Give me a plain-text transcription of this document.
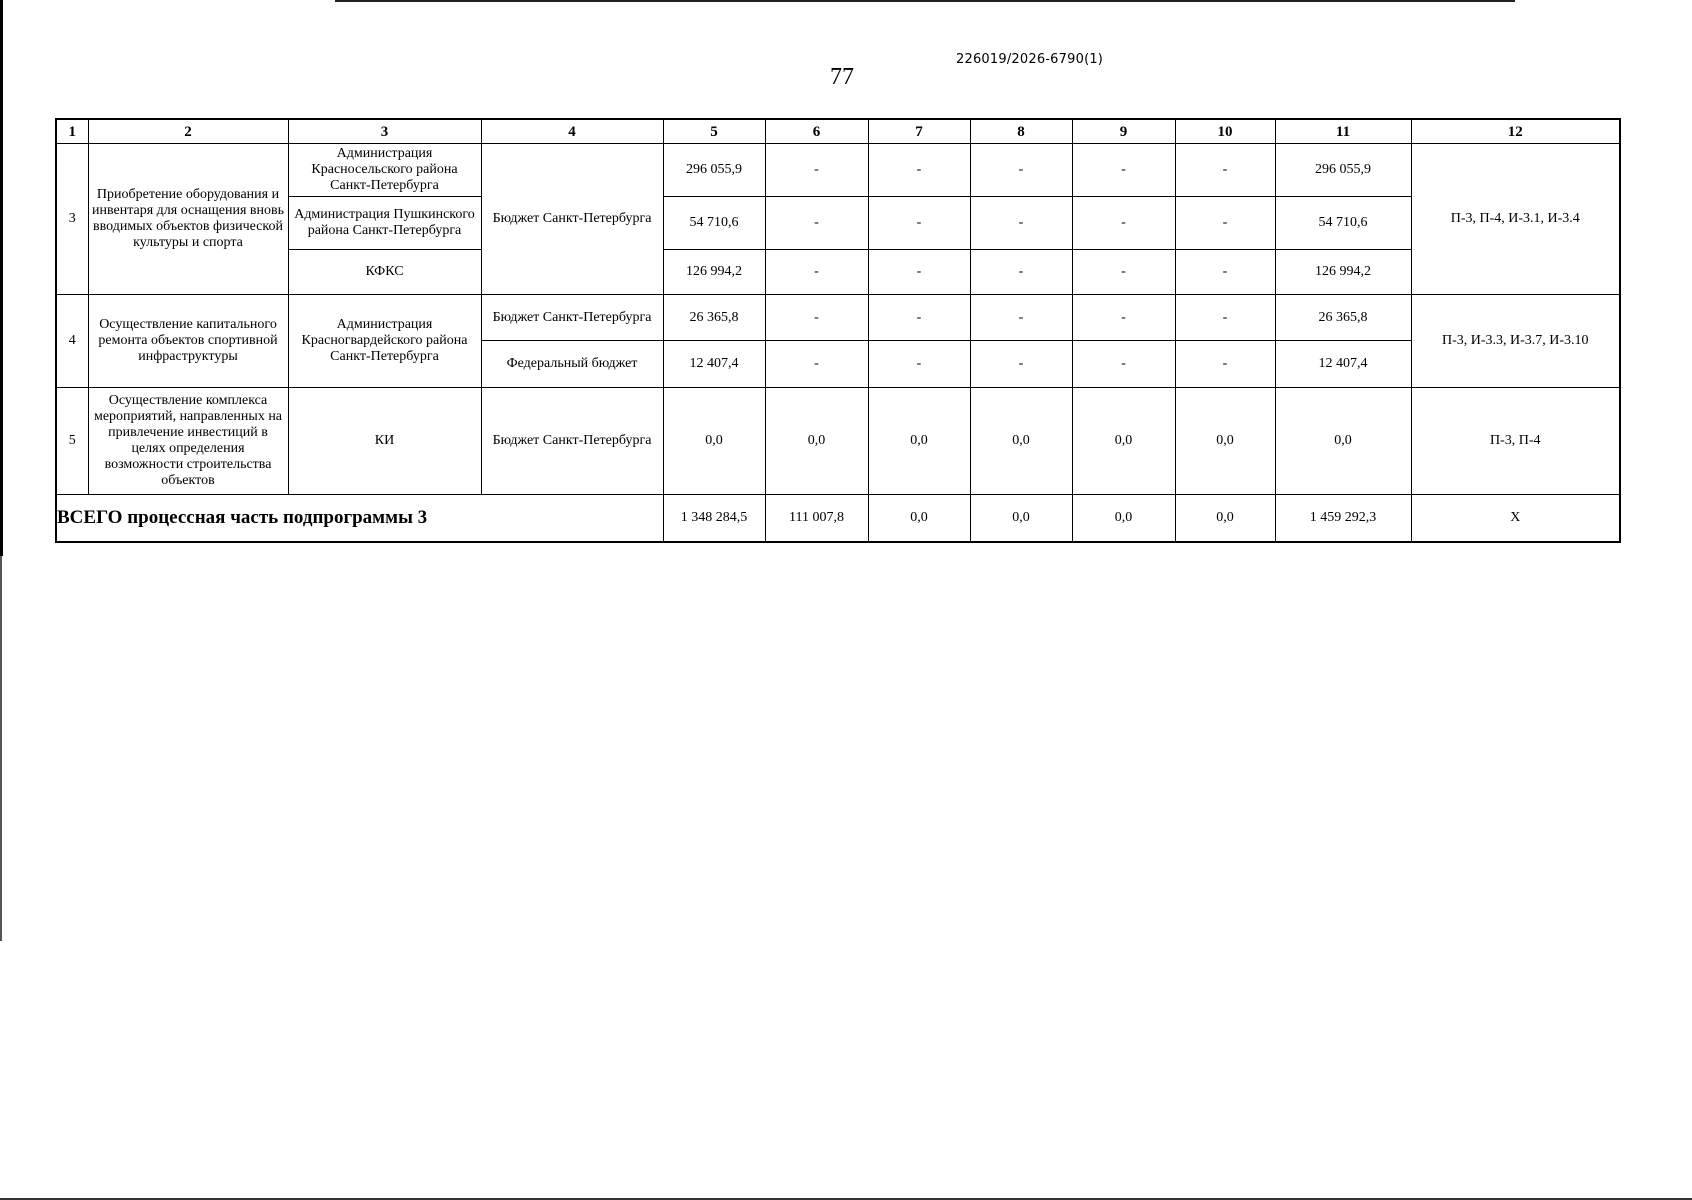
226019/2026-6790(1)
77
1	2	3	4	5	6	7	8	9	10	11	12
3	Приобретение оборудования и инвентаря для оснащения вновь вводимых объектов физической культуры и спорта	Администрация Красносельского района Санкт-Петербурга	Бюджет Санкт-Петербурга	296 055,9	-	-	-	-	-	296 055,9	П-3, П-4, И-3.1, И-3.4
		Администрация Пушкинского района Санкт-Петербурга		54 710,6	-	-	-	-	-	54 710,6	
		КФКС		126 994,2	-	-	-	-	-	126 994,2	
4	Осуществление капитального ремонта объектов спортивной инфраструктуры	Администрация Красногвардейского района Санкт-Петербурга	Бюджет Санкт-Петербурга	26 365,8	-	-	-	-	-	26 365,8	П-3, И-3.3, И-3.7, И-3.10
			Федеральный бюджет	12 407,4	-	-	-	-	-	12 407,4	
5	Осуществление комплекса мероприятий, направленных на привлечение инвестиций в целях определения возможности строительства объектов	КИ	Бюджет Санкт-Петербурга	0,0	0,0	0,0	0,0	0,0	0,0	0,0	П-3, П-4
ВСЕГО процессная часть подпрограммы 3				1 348 284,5	111 007,8	0,0	0,0	0,0	0,0	1 459 292,3	X
